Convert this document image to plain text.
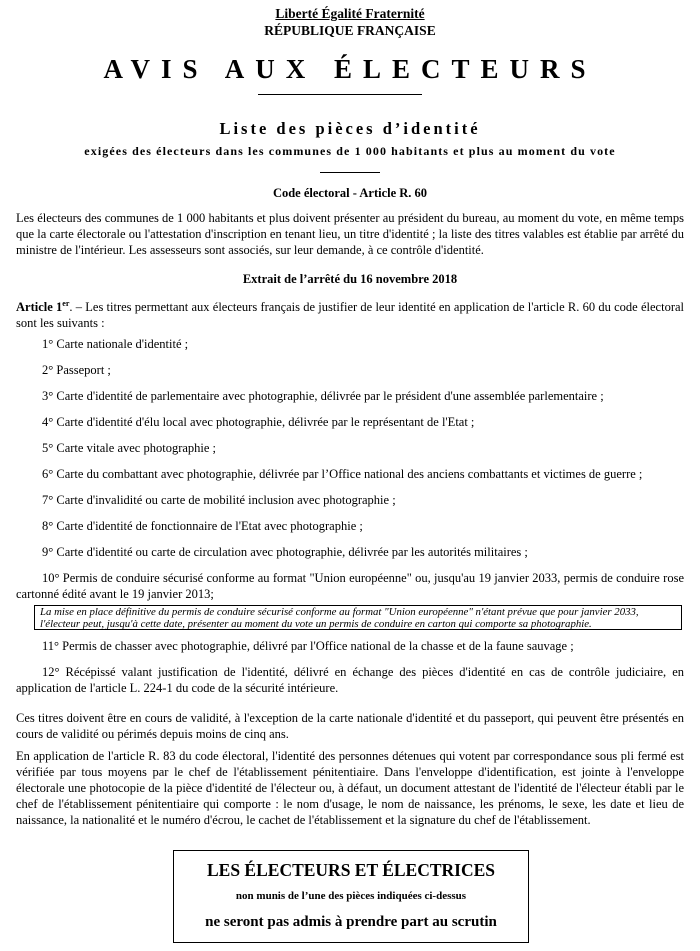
Liberté Égalité Fraternité
RÉPUBLIQUE FRANÇAISE
AVIS AUX ÉLECTEURS
Liste des pièces d’identité
exigées des électeurs dans les communes de 1 000 habitants et plus au moment du vote
Code électoral - Article R. 60
Les électeurs des communes de 1 000 habitants et plus doivent présenter au président du bureau, au moment du vote, en même temps que la carte électorale ou l'attestation d'inscription en tenant lieu, un titre d'identité ; la liste des titres valables est établie par arrêté du ministre de l'intérieur. Les assesseurs sont associés, sur leur demande, à ce contrôle d'identité.
Extrait de l’arrêté du 16 novembre 2018
Article 1er. – Les titres permettant aux électeurs français de justifier de leur identité en application de l'article R. 60 du code électoral sont les suivants :
1° Carte nationale d'identité ;
2° Passeport ;
3° Carte d'identité de parlementaire avec photographie, délivrée par le président d'une assemblée parlementaire ;
4° Carte d'identité d'élu local avec photographie, délivrée par le représentant de l'Etat ;
5° Carte vitale avec photographie ;
6° Carte du combattant avec photographie, délivrée par l’Office national des anciens combattants et victimes de guerre ;
7° Carte d'invalidité ou carte de mobilité inclusion avec photographie ;
8° Carte d'identité de fonctionnaire de l'Etat avec photographie ;
9° Carte d'identité ou carte de circulation avec photographie, délivrée par les autorités militaires ;
10° Permis de conduire sécurisé conforme au format "Union européenne" ou, jusqu'au 19 janvier 2033, permis de conduire rose cartonné édité avant le 19 janvier 2013;
La mise en place définitive du permis de conduire sécurisé conforme au format "Union européenne" n'étant prévue que pour janvier 2033, l'électeur peut, jusqu'à cette date, présenter au moment du vote un permis de conduire en carton qui comporte sa photographie.
11° Permis de chasser avec photographie, délivré par l'Office national de la chasse et de la faune sauvage ;
12° Récépissé valant justification de l'identité, délivré en échange des pièces d'identité en cas de contrôle judiciaire, en application de l'article L. 224-1 du code de la sécurité intérieure.
Ces titres doivent être en cours de validité, à l'exception de la carte nationale d'identité et du passeport, qui peuvent être présentés en cours de validité ou périmés depuis moins de cinq ans.
En application de l'article R. 83 du code électoral, l'identité des personnes détenues qui votent par correspondance sous pli fermé est vérifiée par tous moyens par le chef de l'établissement pénitentiaire. Dans l'enveloppe d'identification, est jointe à l'enveloppe électorale une photocopie de la pièce d'identité de l'électeur ou, à défaut, un document attestant de l'identité de l'électeur établi par le chef de l'établissement pénitentiaire qui comporte : le nom d'usage, le nom de naissance, les prénoms, le sexe, les date et lieu de naissance, la nationalité et le numéro d'écrou, le cachet de l'établissement et la signature du chef de l'établissement.
LES ÉLECTEURS ET ÉLECTRICES
non munis de l’une des pièces indiquées ci-dessus
ne seront pas admis à prendre part au scrutin
